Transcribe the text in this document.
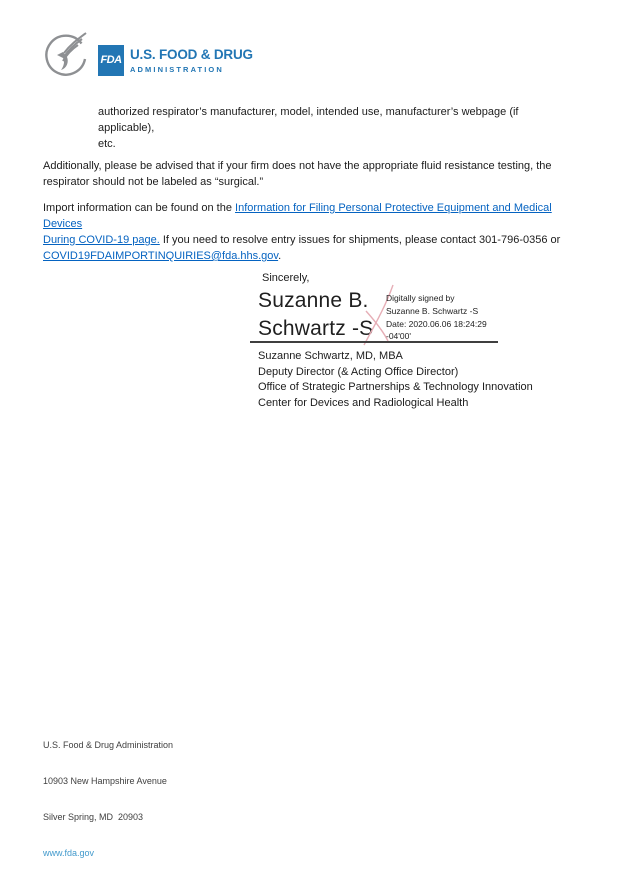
FDA U.S. FOOD & DRUG
ADMINISTRATION
authorized respirator’s manufacturer, model, intended use, manufacturer’s webpage (if applicable),
etc.
Additionally, please be advised that if your firm does not have the appropriate fluid resistance testing, the
respirator should not be labeled as “surgical.”
Import information can be found on the Information for Filing Personal Protective Equipment and Medical Devices
During COVID-19 page. If you need to resolve entry issues for shipments, please contact 301-796-0356 or
COVID19FDAIMPORTINQUIRIES@fda.hhs.gov.
Sincerely,
Suzanne B.
Schwartz -S
Digitally signed by
Suzanne B. Schwartz -S
Date: 2020.06.06 18:24:29
-04'00'
Suzanne Schwartz, MD, MBA
Deputy Director (& Acting Office Director)
Office of Strategic Partnerships & Technology Innovation
Center for Devices and Radiological Health

U.S. Food & Drug Administration

10903 New Hampshire Avenue

Silver Spring, MD  20903

www.fda.gov
